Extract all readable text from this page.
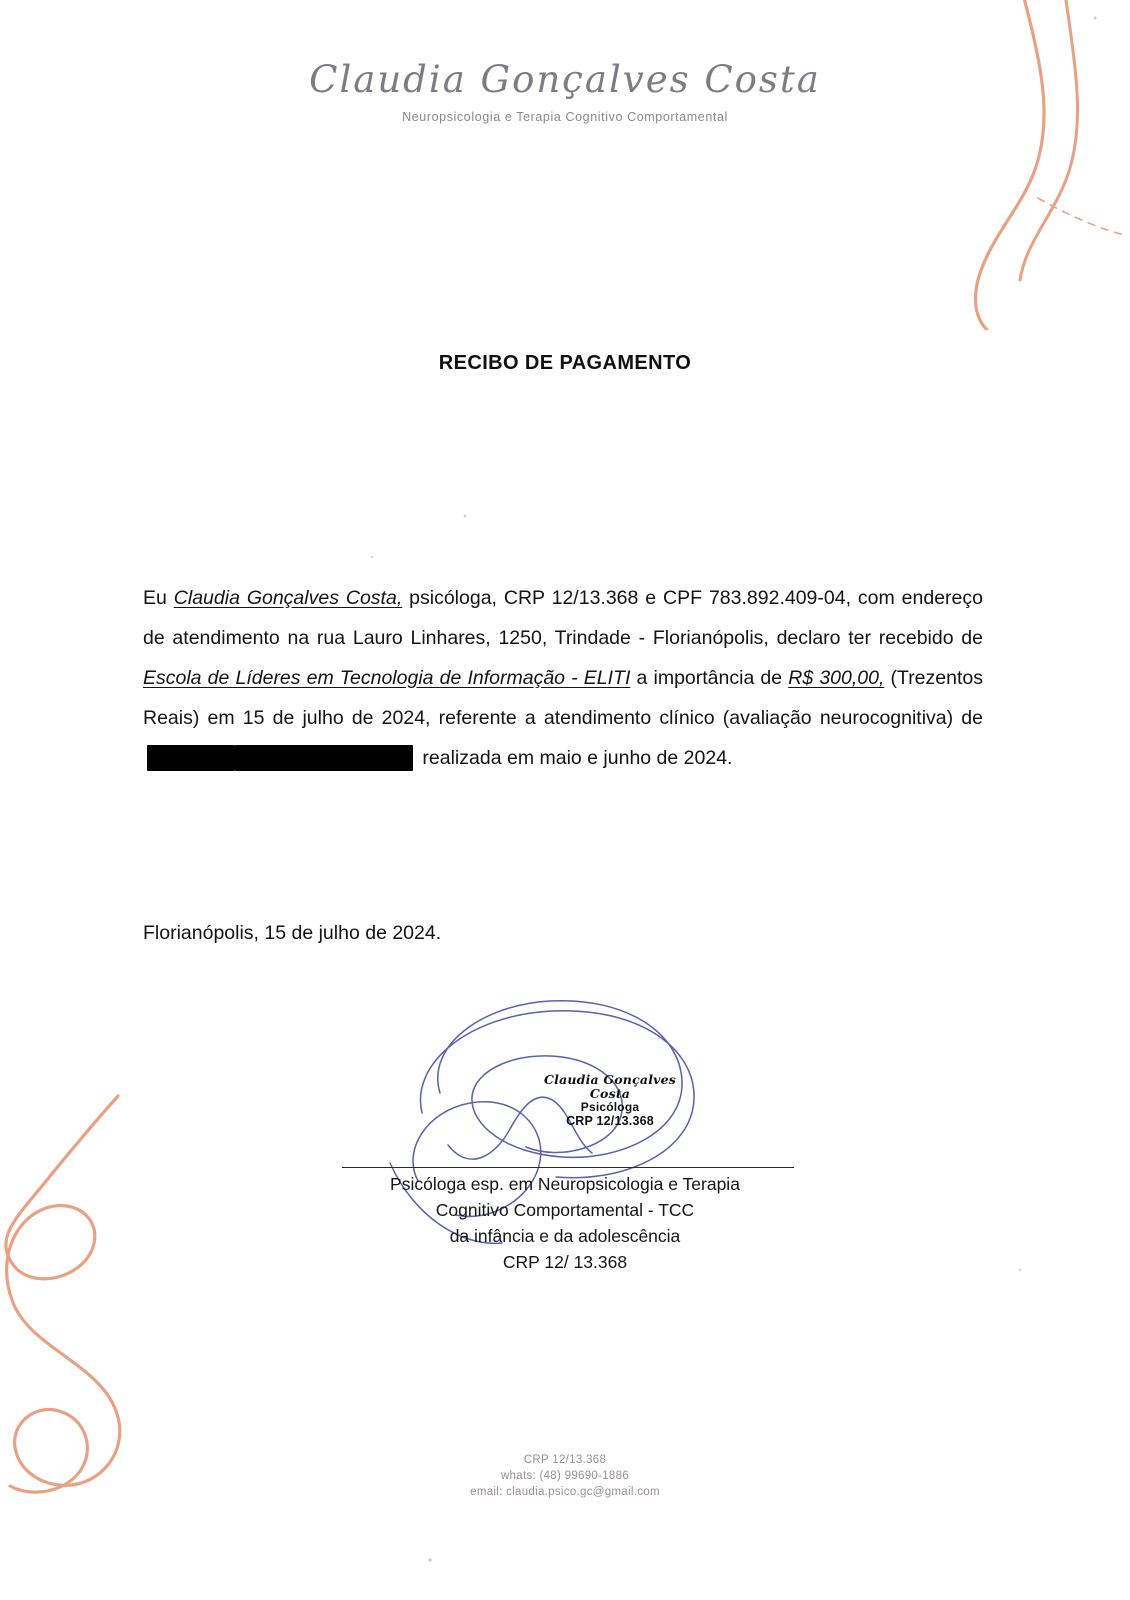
Claudia Gonçalves Costa
Neuropsicologia e Terapia Cognitivo Comportamental
RECIBO DE PAGAMENTO

Eu Claudia Gonçalves Costa, psicóloga, CRP 12/13.368 e CPF 783.892.409-04, com endereço de atendimento na rua Lauro Linhares, 1250, Trindade - Florianópolis, declaro ter recebido de Escola de Líderes em Tecnologia de Informação - ELITI a importância de R$ 300,00, (Trezentos Reais) em 15 de julho de 2024, referente a atendimento clínico (avaliação neurocognitiva) de  realizada em maio e junho de 2024.

Florianópolis, 15 de julho de 2024.
Claudia Gonçalves Costa
Psicóloga
CRP 12/13.368
Psicóloga esp. em Neuropsicologia e Terapia
Cognitivo Comportamental - TCC
da infância e da adolescência
CRP 12/ 13.368
CRP 12/13.368
whats: (48) 99690-1886
email: claudia.psico.gc@gmail.com
